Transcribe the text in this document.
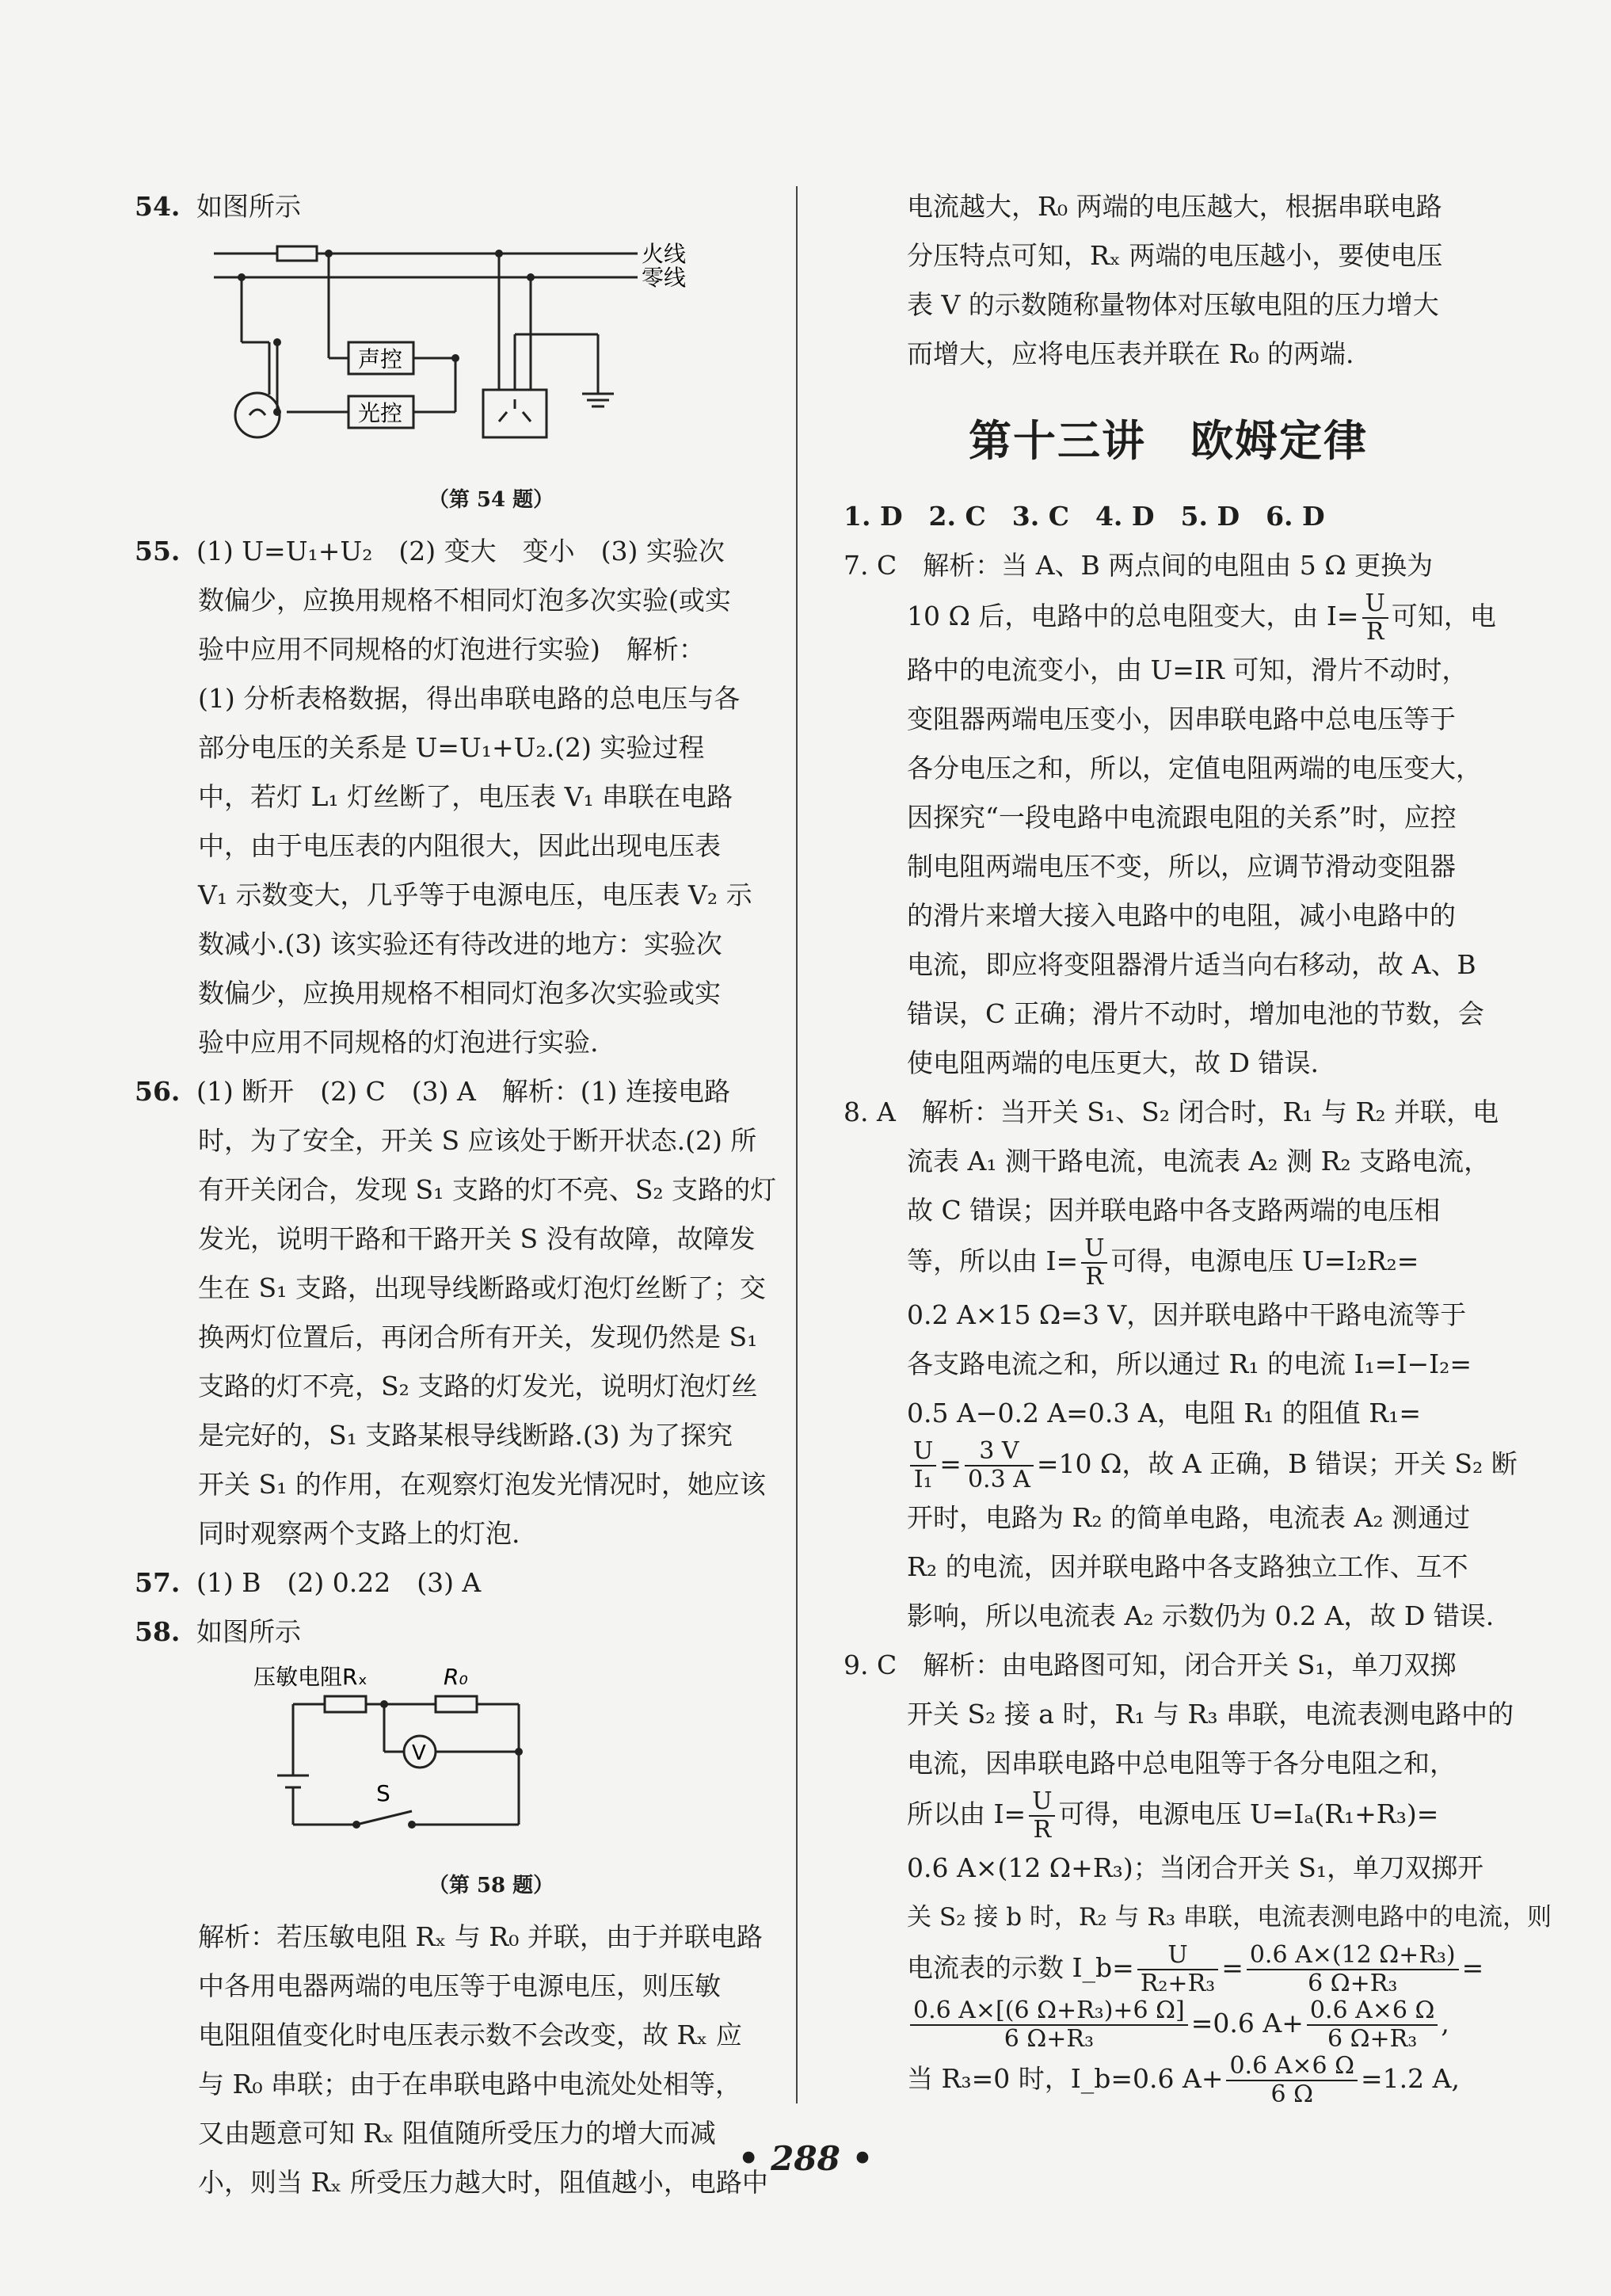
54. 如图所示

火线
零线
声控
光控
（第 54 题）

55. (1) U=U₁+U₂　(2) 变大　变小　(3) 实验次

数偏少，应换用规格不相同灯泡多次实验(或实

验中应用不同规格的灯泡进行实验)　解析：

(1) 分析表格数据，得出串联电路的总电压与各

部分电压的关系是 U=U₁+U₂.(2) 实验过程

中，若灯 L₁ 灯丝断了，电压表 V₁ 串联在电路

中，由于电压表的内阻很大，因此出现电压表

V₁ 示数变大，几乎等于电源电压，电压表 V₂ 示

数减小.(3) 该实验还有待改进的地方：实验次

数偏少，应换用规格不相同灯泡多次实验或实

验中应用不同规格的灯泡进行实验.

56. (1) 断开　(2) C　(3) A　解析：(1) 连接电路

时，为了安全，开关 S 应该处于断开状态.(2) 所

有开关闭合，发现 S₁ 支路的灯不亮、S₂ 支路的灯

发光，说明干路和干路开关 S 没有故障，故障发

生在 S₁ 支路，出现导线断路或灯泡灯丝断了；交

换两灯位置后，再闭合所有开关，发现仍然是 S₁

支路的灯不亮，S₂ 支路的灯发光，说明灯泡灯丝

是完好的，S₁ 支路某根导线断路.(3) 为了探究

开关 S₁ 的作用，在观察灯泡发光情况时，她应该

同时观察两个支路上的灯泡.

57. (1) B　(2) 0.22　(3) A

58. 如图所示

压敏电阻Rₓ	R₀
V
S
（第 58 题）

解析：若压敏电阻 Rₓ 与 R₀ 并联，由于并联电路

中各用电器两端的电压等于电源电压，则压敏

电阻阻值变化时电压表示数不会改变，故 Rₓ 应

与 R₀ 串联；由于在串联电路中电流处处相等，

又由题意可知 Rₓ 阻值随所受压力的增大而减

小，则当 Rₓ 所受压力越大时，阻值越小，电路中

电流越大，R₀ 两端的电压越大，根据串联电路

分压特点可知，Rₓ 两端的电压越小，要使电压

表 V 的示数随称量物体对压敏电阻的压力增大

而增大，应将电压表并联在 R₀ 的两端.

第十三讲　欧姆定律

1. D　2. C　3. C　4. D　5. D　6. D

7. C　解析：当 A、B 两点间的电阻由 5 Ω 更换为

10 Ω 后，电路中的总电阻变大，由 $I= \frac{U}{R}$ 可知，电

路中的电流变小，由 U=IR 可知，滑片不动时，

变阻器两端电压变小，因串联电路中总电压等于

各分电压之和，所以，定值电阻两端的电压变大，

因探究“一段电路中电流跟电阻的关系”时，应控

制电阻两端电压不变，所以，应调节滑动变阻器

的滑片来增大接入电路中的电阻，减小电路中的

电流，即应将变阻器滑片适当向右移动，故 A、B

错误，C 正确；滑片不动时，增加电池的节数，会

使电阻两端的电压更大，故 D 错误.

8. A　解析：当开关 S₁、S₂ 闭合时，R₁ 与 R₂ 并联，电

流表 A₁ 测干路电流，电流表 A₂ 测 R₂ 支路电流，

故 C 错误；因并联电路中各支路两端的电压相

等，所以由 $I= \frac{U}{R}$ 可得，电源电压 U=I₂R₂=

0.2 A×15 Ω=3 V，因并联电路中干路电流等于

各支路电流之和，所以通过 R₁ 的电流 I₁=I−I₂=

0.5 A−0.2 A=0.3 A，电阻 R₁ 的阻值 R₁=

$\frac{U}{\text{I₁}} = \frac{3 V}{0.3 A} =10$ Ω，故 A 正确，B 错误；开关 S₂ 断

开时，电路为 R₂ 的简单电路，电流表 A₂ 测通过

R₂ 的电流，因并联电路中各支路独立工作、互不

影响，所以电流表 A₂ 示数仍为 0.2 A，故 D 错误.

9. C　解析：由电路图可知，闭合开关 S₁，单刀双掷

开关 S₂ 接 a 时，R₁ 与 R₃ 串联，电流表测电路中的

电流，因串联电路中总电阻等于各分电阻之和，

所以由 $I= \frac{U}{R}$ 可得，电源电压 U=Iₐ(R₁+R₃)=

0.6 A×(12 Ω+R₃)；当闭合开关 S₁，单刀双掷开

关 S₂ 接 b 时，R₂ 与 R₃ 串联，电流表测电路中的电流，则

电流表的示数 I_b= $\frac{U}{\text{R₂+R₃}} = \frac{\text{0.6 A×(12 Ω+R₃)}}{\text{6 Ω+R₃}}$ =

$\frac{\text{0.6 A×[(6 Ω+R₃)+6 Ω]}}{\text{6 Ω+R₃}} =0.6$ $A+ \frac{0.6 A\times 6 \Omega}{\text{6 Ω+R₃}}$ ,

当 R₃=0 时，I_b=0.6 $A+ \frac{0.6 A\times 6 \Omega}{6 \Omega} =1.2$ A,

• 288 •
